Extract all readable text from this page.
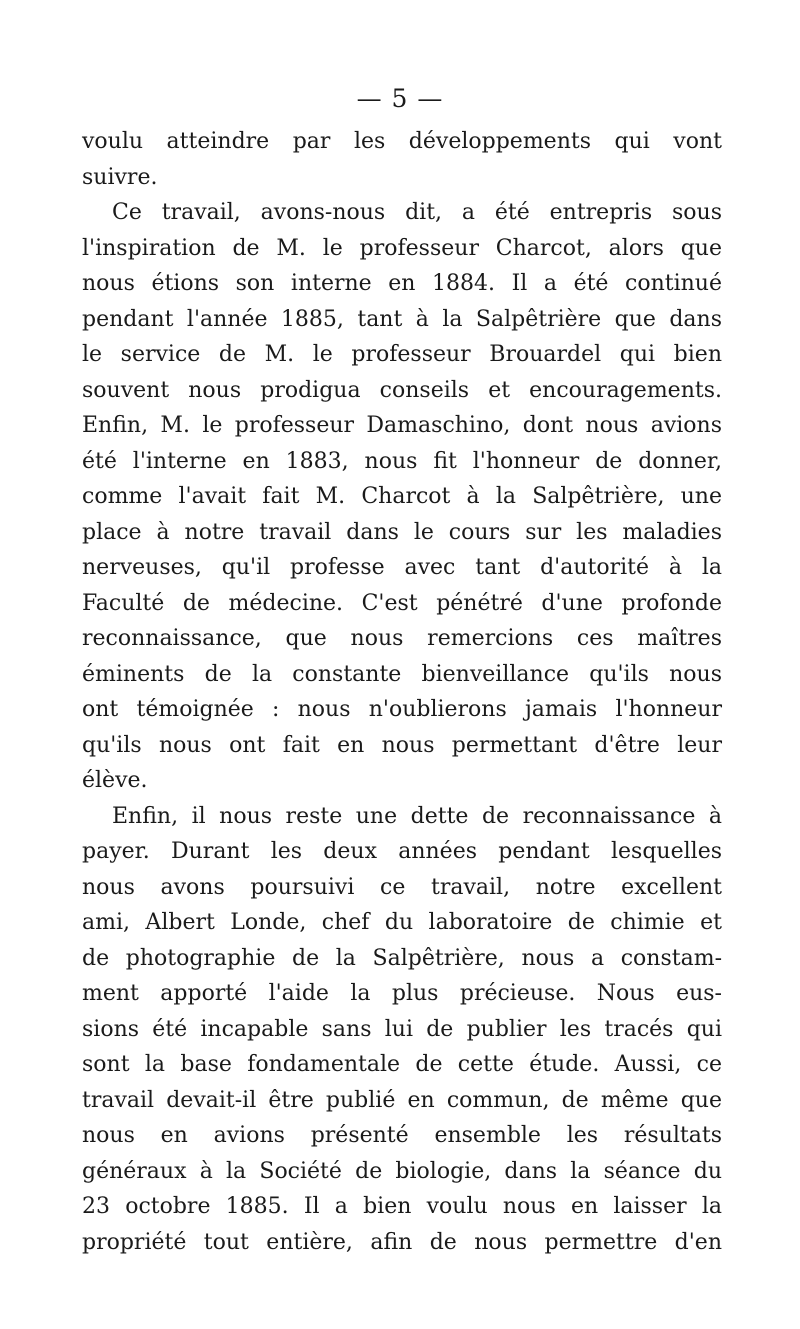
— 5 —
voulu atteindre par les développements qui vont
suivre.
Ce travail, avons-nous dit, a été entrepris sous
l'inspiration de M. le professeur Charcot, alors que
nous étions son interne en 1884. Il a été continué
pendant l'année 1885, tant à la Salpêtrière que dans
le service de M. le professeur Brouardel qui bien
souvent nous prodigua conseils et encouragements.
Enfin, M. le professeur Damaschino, dont nous avions
été l'interne en 1883, nous fit l'honneur de donner,
comme l'avait fait M. Charcot à la Salpêtrière, une
place à notre travail dans le cours sur les maladies
nerveuses, qu'il professe avec tant d'autorité à la
Faculté de médecine. C'est pénétré d'une profonde
reconnaissance, que nous remercions ces maîtres
éminents de la constante bienveillance qu'ils nous
ont témoignée : nous n'oublierons jamais l'honneur
qu'ils nous ont fait en nous permettant d'être leur
élève.
Enfin, il nous reste une dette de reconnaissance à
payer. Durant les deux années pendant lesquelles
nous avons poursuivi ce travail, notre excellent
ami, Albert Londe, chef du laboratoire de chimie et
de photographie de la Salpêtrière, nous a constam-
ment apporté l'aide la plus précieuse. Nous eus-
sions été incapable sans lui de publier les tracés qui
sont la base fondamentale de cette étude. Aussi, ce
travail devait-il être publié en commun, de même que
nous en avions présenté ensemble les résultats
généraux à la Société de biologie, dans la séance du
23 octobre 1885. Il a bien voulu nous en laisser la
propriété tout entière, afin de nous permettre d'en
